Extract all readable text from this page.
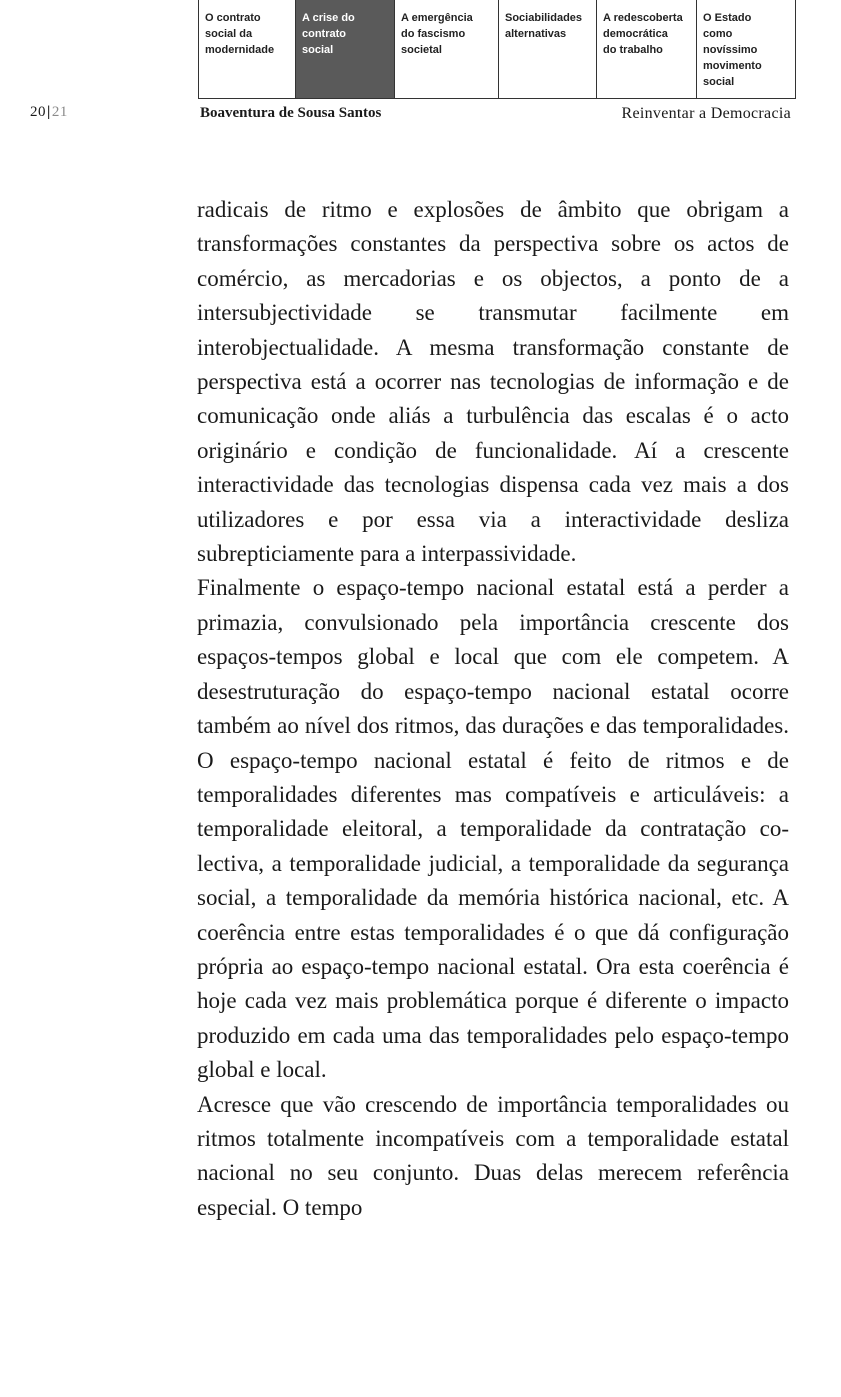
O contrato
social da
modernidade
A crise do
contrato
social
A emergência
do fascismo
societal
Sociabilidades
alternativas
A redescoberta
democrática
do trabalho
O Estado
como
novíssimo
movimento
social
20|21	Boaventura de Sousa Santos	Reinventar a Democracia

radicais de ritmo e explosões de âmbito que obrigam a transformações constantes da perspectiva sobre os actos de comércio, as mercadorias e os objectos, a ponto de a intersubjectividade se transmutar facilmente em interobjectualidade. A mesma transformação constante de perspectiva está a ocorrer nas tecnologias de informação e de comunicação onde aliás a turbulência das escalas é o acto originário e condição de funcionalidade. Aí a crescente interactividade das tecnologias dispensa cada vez mais a dos utilizadores e por essa via a interactividade desliza subrepticiamente para a interpassividade.

Finalmente o espaço-tempo nacional estatal está a perder a primazia, convulsionado pela importância crescente dos espaços-tempos global e local que com ele competem. A desestruturação do espaço-tempo nacional estatal ocorre também ao nível dos ritmos, das durações e das temporalidades. O espaço-tempo nacional estatal é feito de ritmos e de temporalidades diferentes mas compatíveis e articuláveis: a temporalidade eleitoral, a temporalidade da contratação colectiva, a temporalidade judicial, a temporalidade da segurança social, a temporalidade da memória histórica nacional, etc. A coerência entre estas temporalidades é o que dá configuração própria ao espaço-tempo nacional estatal. Ora esta coerência é hoje cada vez mais problemática porque é diferente o impacto produzido em cada uma das temporalidades pelo espaço-tempo global e local.

Acresce que vão crescendo de importância temporalidades ou ritmos totalmente incompatíveis com a temporalidade estatal nacional no seu conjunto. Duas delas merecem referência especial. O tempo
